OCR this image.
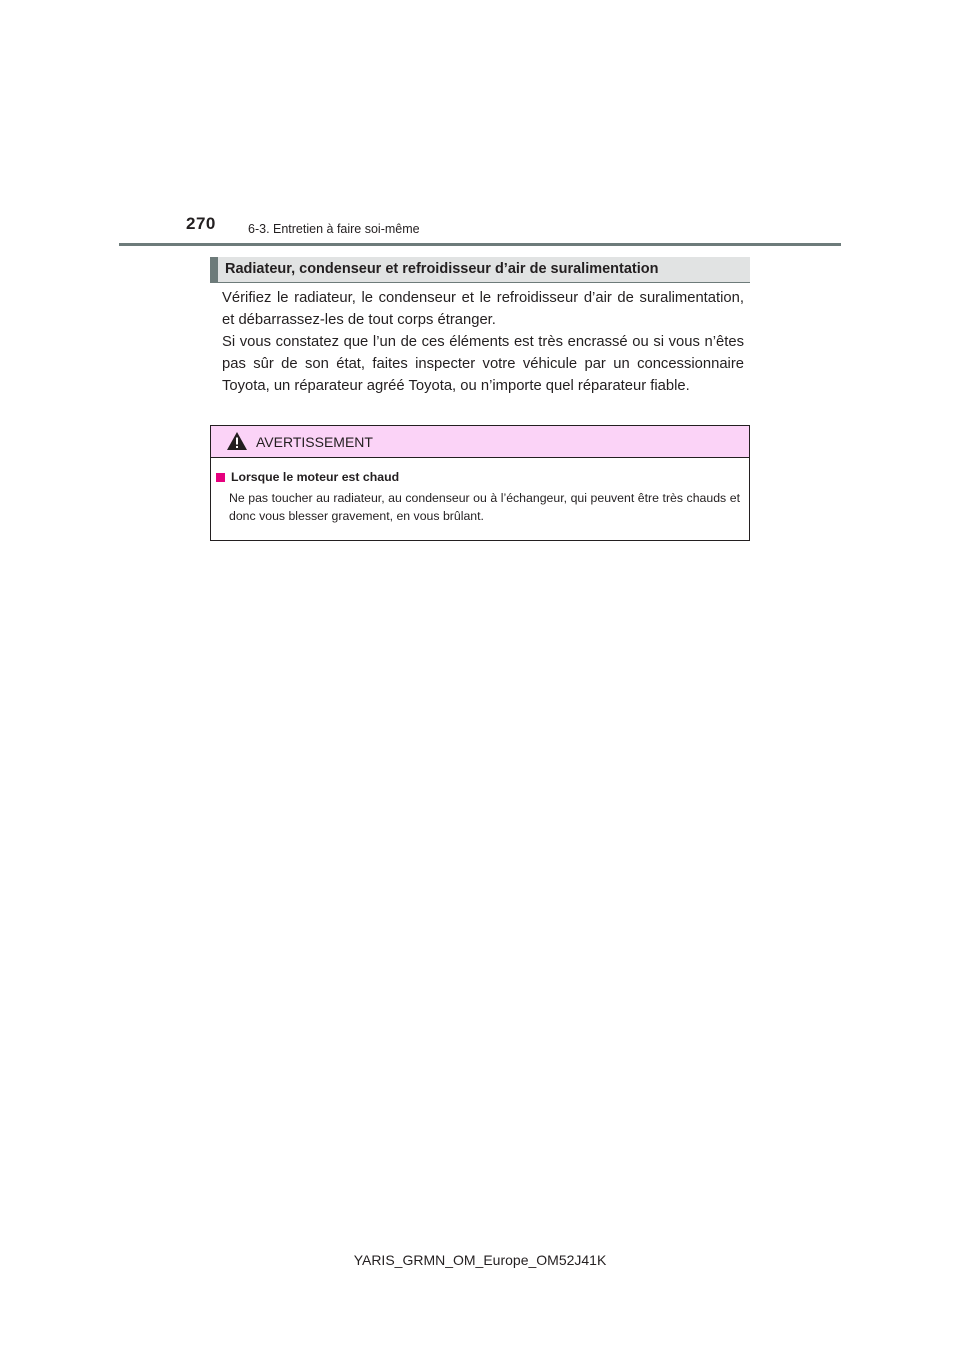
270	6-3. Entretien à faire soi-même
Radiateur, condenseur et refroidisseur d’air de suralimentation

Vérifiez le radiateur, le condenseur et le refroidisseur d’air de suralimentation, et débarrassez-les de tout corps étranger.

Si vous constatez que l’un de ces éléments est très encrassé ou si vous n’êtes pas sûr de son état, faites inspecter votre véhicule par un concessionnaire Toyota, un réparateur agréé Toyota, ou n’importe quel réparateur fiable.

AVERTISSEMENT
Lorsque le moteur est chaud

Ne pas toucher au radiateur, au condenseur ou à l’échangeur, qui peuvent être très chauds et donc vous blesser gravement, en vous brûlant.

YARIS_GRMN_OM_Europe_OM52J41K
